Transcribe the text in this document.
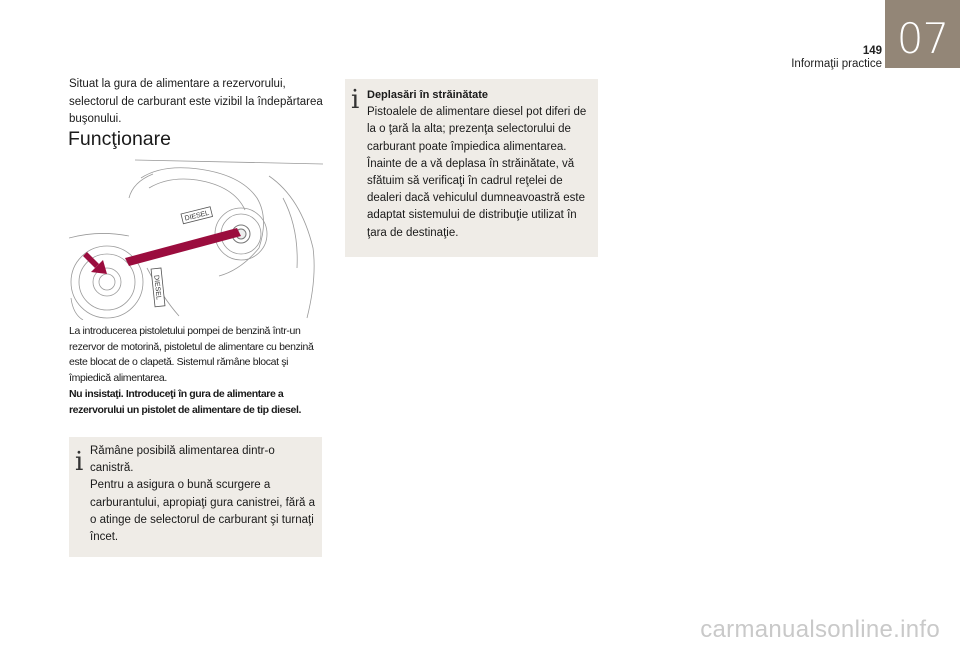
07
149
Informaţii practice

Situat la gura de alimentare a rezervorului, selectorul de carburant este vizibil la îndepărtarea buşonului.

Funcţionare
DIESEL
DIESEL

La introducerea pistoletului pompei de benzină într-un rezervor de motorină, pistoletul de alimentare cu benzină este blocat de o clapetă. Sistemul rămâne blocat şi împiedică alimentarea.

Nu insistaţi. Introduceţi în gura de alimentare a rezervorului un pistolet de alimentare de tip diesel.

i Rămâne posibilă alimentarea dintr-o canistră.
Pentru a asigura o bună scurgere a carburantului, apropiaţi gura canistrei, fără a o atinge de selectorul de carburant şi turnaţi încet.

i Deplasări în străinătate
Pistoalele de alimentare diesel pot diferi de la o ţară la alta; prezenţa selectorului de carburant poate împiedica alimentarea.
Înainte de a vă deplasa în străinătate, vă sfătuim să verificaţi în cadrul reţelei de dealeri dacă vehiculul dumneavoastră este adaptat sistemului de distribuţie utilizat în ţara de destinaţie.

carmanualsonline.info
